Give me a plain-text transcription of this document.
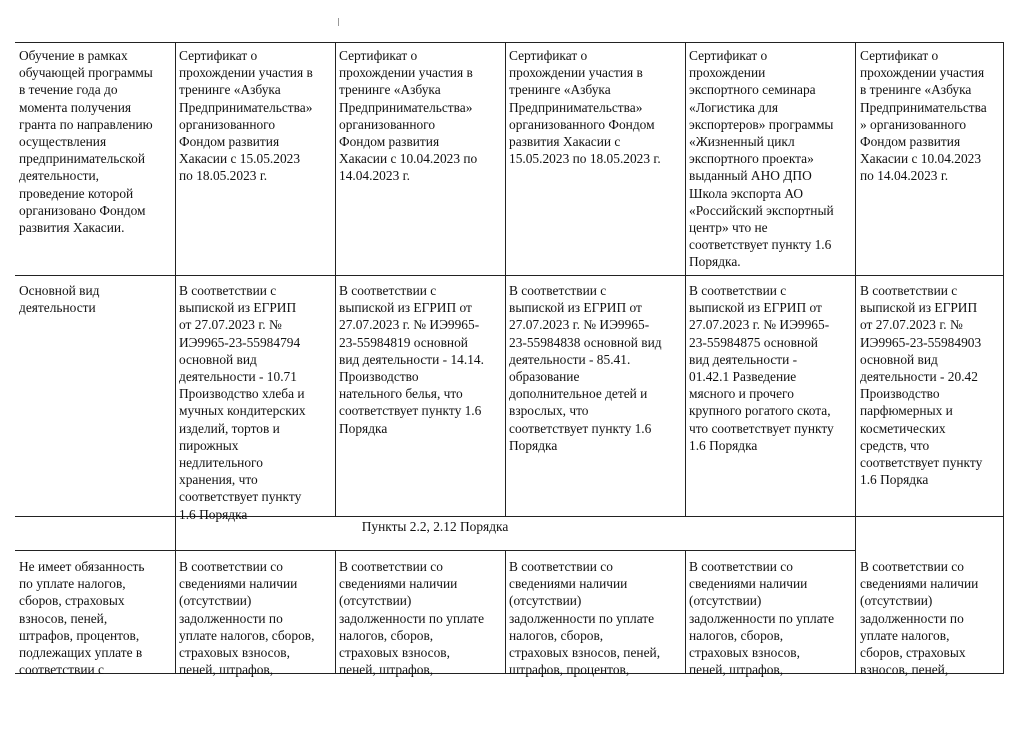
Обучение в рамках
обучающей программы
в течение года до
момента получения
гранта по направлению
осуществления
предпринимательской
деятельности,
проведение которой
организовано Фондом
развития Хакасии.
Сертификат о
прохождении участия в
тренинге «Азбука
Предпринимательства»
организованного
Фондом развития
Хакасии с 15.05.2023
по 18.05.2023 г.
Сертификат о
прохождении участия в
тренинге «Азбука
Предпринимательства»
организованного
Фондом развития
Хакасии с 10.04.2023 по
14.04.2023 г.
Сертификат о
прохождении участия в
тренинге «Азбука
Предпринимательства»
организованного Фондом
развития Хакасии с
15.05.2023 по 18.05.2023 г.
Сертификат о
прохождении
экспортного семинара
«Логистика для
экспортеров» программы
«Жизненный цикл
экспортного проекта»
выданный АНО ДПО
Школа экспорта АО
«Российский экспортный
центр» что не
соответствует пункту 1.6
Порядка.
Сертификат о
прохождении участия
в тренинге «Азбука
Предпринимательства
» организованного
Фондом развития
Хакасии с 10.04.2023
по 14.04.2023 г.
Основной вид
деятельности
В соответствии с
выпиской из ЕГРИП
от 27.07.2023 г. №
ИЭ9965-23-55984794
основной вид
деятельности - 10.71
Производство хлеба и
мучных кондитерских
изделий, тортов и
пирожных
недлительного
хранения, что
соответствует пункту
1.6 Порядка
В соответствии с
выпиской из ЕГРИП от
27.07.2023 г. № ИЭ9965-
23-55984819 основной
вид деятельности - 14.14.
Производство
нательного белья, что
соответствует пункту 1.6
Порядка
В соответствии с
выпиской из ЕГРИП от
27.07.2023 г. № ИЭ9965-
23-55984838 основной вид
деятельности - 85.41.
образование
дополнительное детей и
взрослых, что
соответствует пункту 1.6
Порядка
В соответствии с
выпиской из ЕГРИП от
27.07.2023 г. № ИЭ9965-
23-55984875 основной
вид деятельности -
01.42.1 Разведение
мясного и прочего
крупного рогатого скота,
что соответствует пункту
1.6 Порядка
В соответствии с
выпиской из ЕГРИП
от 27.07.2023 г. №
ИЭ9965-23-55984903
основной вид
деятельности - 20.42
Производство
парфюмерных и
косметических
средств, что
соответствует пункту
1.6 Порядка
Пункты 2.2, 2.12 Порядка
Не имеет обязанность
по уплате налогов,
сборов, страховых
взносов, пеней,
штрафов, процентов,
подлежащих уплате в
соответствии с
В соответствии со
сведениями наличии
(отсутствии)
задолженности по
уплате налогов, сборов,
страховых взносов,
пеней, штрафов,
В соответствии со
сведениями наличии
(отсутствии)
задолженности по уплате
налогов, сборов,
страховых взносов,
пеней, штрафов,
В соответствии со
сведениями наличии
(отсутствии)
задолженности по уплате
налогов, сборов,
страховых взносов, пеней,
штрафов, процентов,
В соответствии со
сведениями наличии
(отсутствии)
задолженности по уплате
налогов, сборов,
страховых взносов,
пеней, штрафов,
В соответствии со
сведениями наличии
(отсутствии)
задолженности по
уплате налогов,
сборов, страховых
взносов, пеней,
